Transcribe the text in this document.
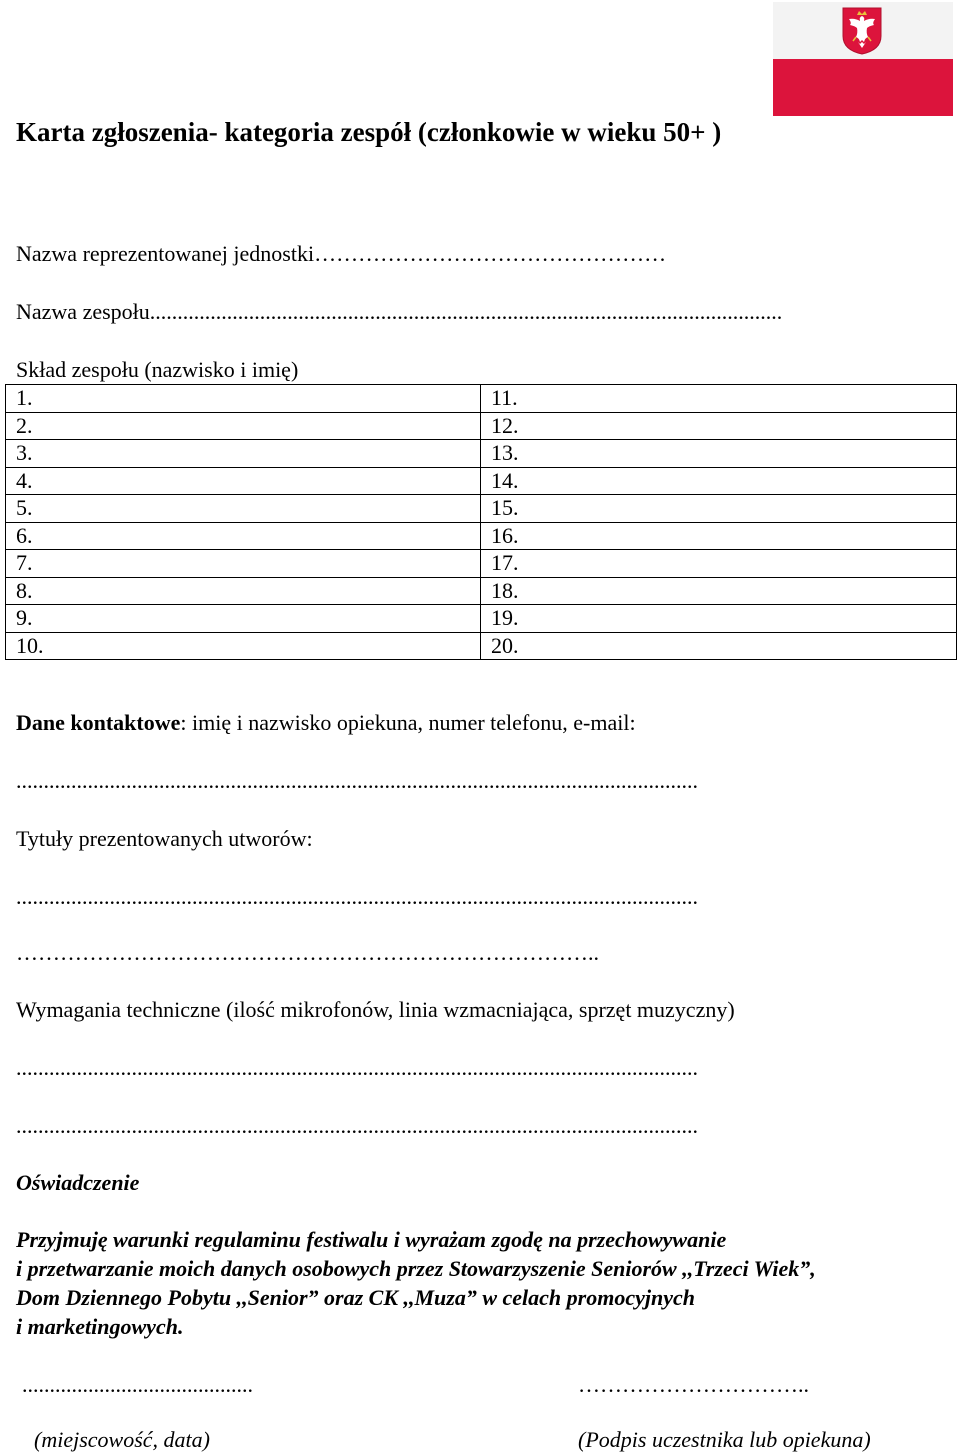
Karta zgłoszenia- kategoria zespół (członkowie w wieku 50+ )
Nazwa reprezentowanej jednostki…………………………………………
Nazwa zespołu...................................................................................................................
Skład zespołu (nazwisko i imię)
1.	11.
2.	12.
3.	13.
4.	14.
5.	15.
6.	16.
7.	17.
8.	18.
9.	19.
10.	20.
Dane kontaktowe: imię i nazwisko opiekuna, numer telefonu, e-mail:
............................................................................................................................
Tytuły prezentowanych utworów:
............................................................................................................................
……………………………………………………………………..
Wymagania techniczne (ilość mikrofonów, linia wzmacniająca, sprzęt muzyczny)
............................................................................................................................
............................................................................................................................
Oświadczenie
Przyjmuję warunki regulaminu festiwalu i wyrażam zgodę na przechowywanie
i przetwarzanie moich danych osobowych przez Stowarzyszenie Seniorów ,,Trzeci Wiek”,
Dom Dziennego Pobytu ,,Senior” oraz CK ,,Muza” w celach promocyjnych
i marketingowych.
..........................................	…………………………..
(miejscowość, data)	(Podpis uczestnika lub opiekuna)
